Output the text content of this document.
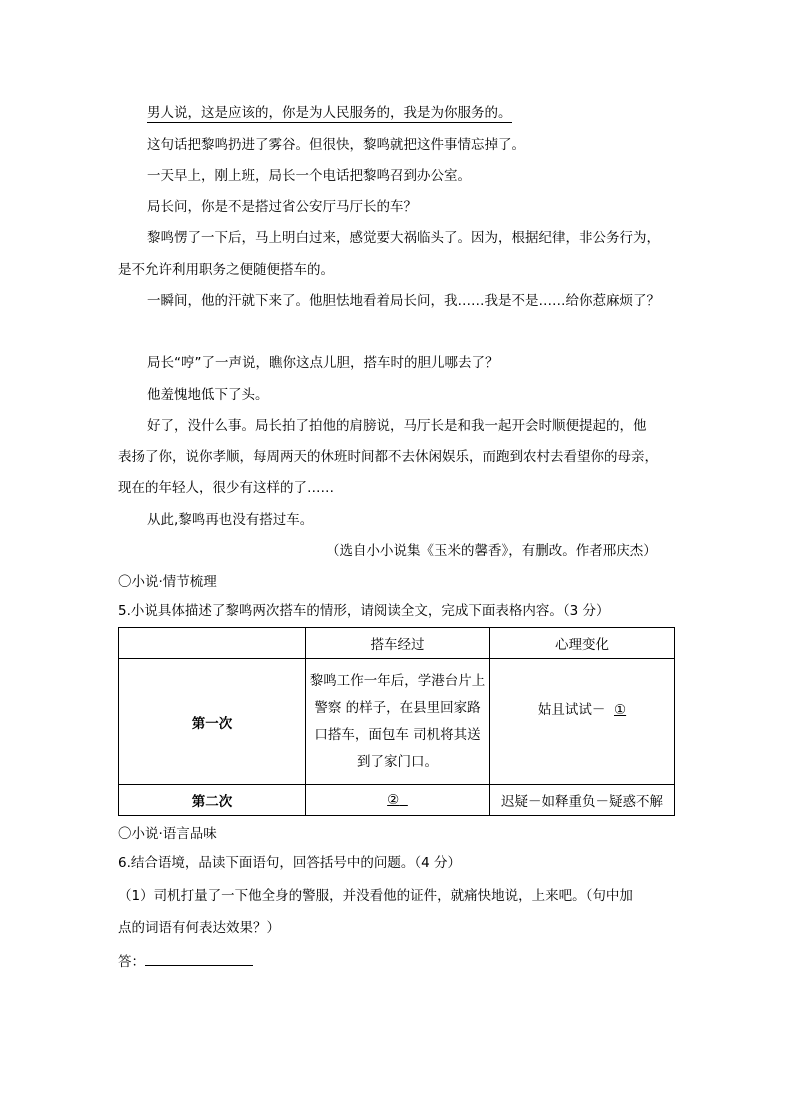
男人说，这是应该的，你是为人民服务的，我是为你服务的。
这句话把黎鸣扔进了雾谷。但很快，黎鸣就把这件事情忘掉了。
一天早上，刚上班，局长一个电话把黎鸣召到办公室。
局长问，你是不是搭过省公安厅马厅长的车？
黎鸣愣了一下后，马上明白过来，感觉要大祸临头了。因为，根据纪律，非公务行为，
是不允许利用职务之便随便搭车的。
一瞬间，他的汗就下来了。他胆怯地看着局长问，我……我是不是……给你惹麻烦了？
局长“哼”了一声说，瞧你这点儿胆，搭车时的胆儿哪去了？
他羞愧地低下了头。
好了，没什么事。局长拍了拍他的肩膀说，马厅长是和我一起开会时顺便提起的，他
表扬了你，说你孝顺，每周两天的休班时间都不去休闲娱乐，而跑到农村去看望你的母亲，
现在的年轻人，很少有这样的了……
从此,黎鸣再也没有搭过车。
（选自小小说集《玉米的馨香》，有删改。作者邢庆杰）
〇小说·情节梳理
5.小说具体描述了黎鸣两次搭车的情形，请阅读全文，完成下面表格内容。（3 分）
	搭车经过	心理变化
第一次	黎鸣工作一年后，学港台片上
警察 的样子，在县里回家路
口搭车，面包车 司机将其送
到了家门口。	姑且试试－ ①
第二次	②	迟疑－如释重负－疑惑不解
〇小说·语言品味
6.结合语境，品读下面语句，回答括号中的问题。（4 分）
（1）司机打量了一下他全身的警服，并没看他的证件，就痛快地说，上来吧。（句中加
点的词语有何表达效果？）
答：
